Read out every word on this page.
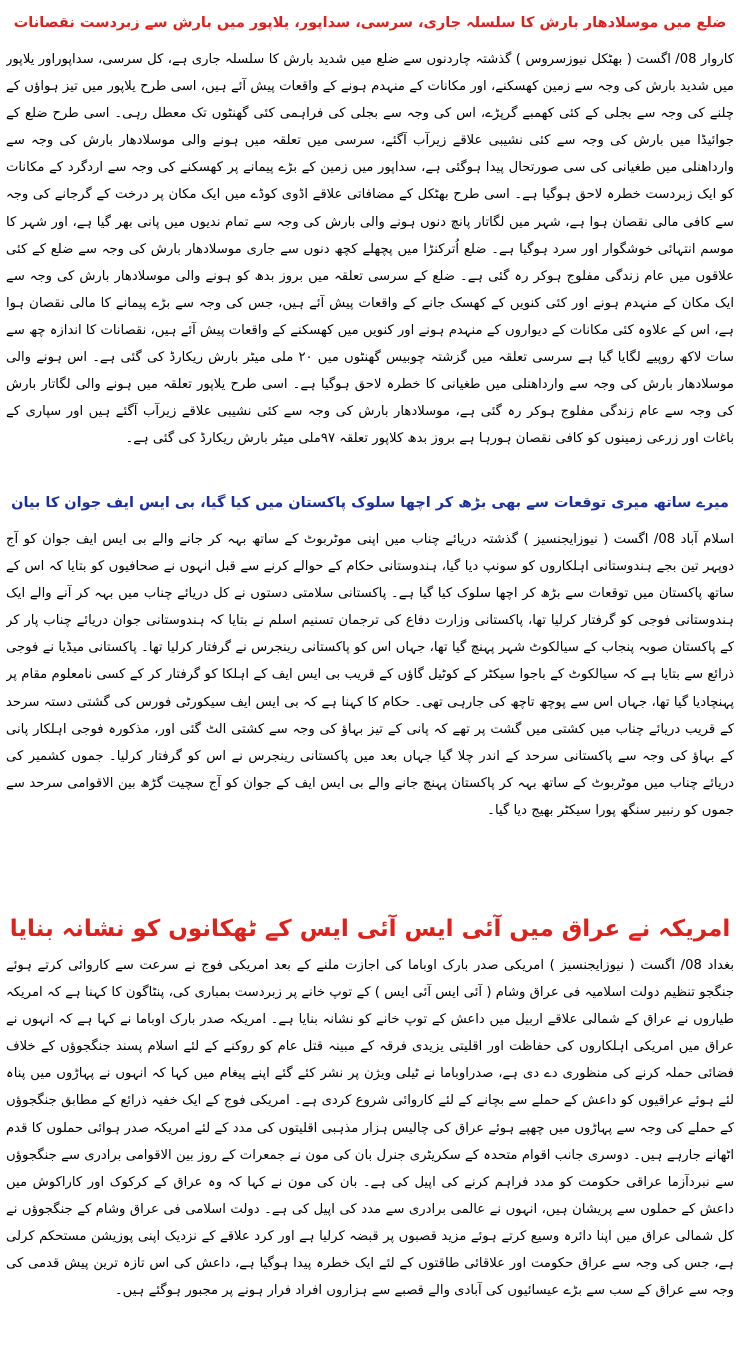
ضلع میں موسلادھار بارش کا سلسلہ جاری، سرسی، سداپور، یلاپور میں بارش سے زبردست نقصانات

کاروار 08/ اگست ( بھٹکل نیوزسروس ) گذشتہ چاردنوں سے ضلع میں شدید بارش کا سلسلہ جاری ہے، کل سرسی، سداپوراور یلاپور میں شدید بارش کی وجہ سے زمین کھسکنے، اور مکانات کے منہدم ہونے کے واقعات پیش آئے ہیں، اسی طرح یلاپور میں تیز ہواؤں کے چلنے کی وجہ سے بجلی کے کئی کھمبے گرپڑے، اس کی وجہ سے بجلی کی فراہمی کئی گھنٹوں تک معطل رہی۔ اسی طرح ضلع کے جوائیڈا میں بارش کی وجہ سے کئی نشیبی علاقے زیرآب آگئے، سرسی میں تعلقہ میں ہونے والی موسلادھار بارش کی وجہ سے وارداھنلی میں طغیانی کی سی صورتحال پیدا ہوگئی ہے، سداپور میں زمین کے بڑے پیمانے پر کھسکنے کی وجہ سے اردگرد کے مکانات کو ایک زبردست خطرہ لاحق ہوگیا ہے۔ اسی طرح بھٹکل کے مضافاتی علاقے اڈوی کوڈے میں ایک مکان پر درخت کے گرجانے کی وجہ سے کافی مالی نقصان ہوا ہے، شہر میں لگاتار پانچ دنوں ہونے والی بارش کی وجہ سے تمام ندیوں میں پانی بھر گیا ہے، اور شہر کا موسم انتہائی خوشگوار اور سرد ہوگیا ہے۔ ضلع اُترکنڑا میں پچھلے کچھ دنوں سے جاری موسلادھار بارش کی وجہ سے ضلع کے کئی علاقوں میں عام زندگی مفلوج ہوکر رہ گئی ہے۔ ضلع کے سرسی تعلقہ میں بروز بدھ کو ہونے والی موسلادھار بارش کی وجہ سے ایک مکان کے منہدم ہونے اور کئی کنویں کے کھسک جانے کے واقعات پیش آئے ہیں، جس کی وجہ سے بڑے پیمانے کا مالی نقصان ہوا ہے، اس کے علاوہ کئی مکانات کے دیواروں کے منہدم ہونے اور کنویں میں کھسکنے کے واقعات پیش آئے ہیں، نقصانات کا اندازہ چھ سے سات لاکھ روپیے لگایا گیا ہے سرسی تعلقہ میں گزشتہ چوبیس گھنٹوں میں ۲۰ ملی میٹر بارش ریکارڈ کی گئی ہے۔ اس ہونے والی موسلادھار بارش کی وجہ سے وارداھنلی میں طغیانی کا خطرہ لاحق ہوگیا ہے۔ اسی طرح یلاپور تعلقہ میں ہونے والی لگاتار بارش کی وجہ سے عام زندگی مفلوج ہوکر رہ گئی ہے، موسلادھار بارش کی وجہ سے کئی نشیبی علاقے زیرآب آگئے ہیں اور سپاری کے باغات اور زرعی زمینوں کو کافی نقصان ہورہا ہے بروز بدھ کلاپور تعلقہ ۹۷ملی میٹر بارش ریکارڈ کی گئی ہے۔

میرے ساتھ میری توقعات سے بھی بڑھ کر اچھا سلوک پاکستان میں کیا گیا، بی ایس ایف جوان کا بیان

اسلام آباد 08/ اگست ( نیوزایجنسیز ) گذشتہ دریائے چناب میں اپنی موٹربوٹ کے ساتھ بہہ کر جانے والے بی ایس ایف جوان کو آج دوپہر تین بجے ہندوستانی اہلکاروں کو سونپ دیا گیا، ہندوستانی حکام کے حوالے کرنے سے قبل انہوں نے صحافیوں کو بتایا کہ اس کے ساتھ پاکستان میں توقعات سے بڑھ کر اچھا سلوک کیا گیا ہے۔ پاکستانی سلامتی دستوں نے کل دریائے چناب میں بہہ کر آنے والے ایک ہندوستانی فوجی کو گرفتار کرلیا تھا، پاکستانی وزارت دفاع کی ترجمان تسنیم اسلم نے بتایا کہ ہندوستانی جوان دریائے چناب پار کر کے پاکستان صوبہ پنجاب کے سیالکوٹ شہر پہنچ گیا تھا، جہاں اس کو پاکستانی رینجرس نے گرفتار کرلیا تھا۔ پاکستانی میڈیا نے فوجی ذرائع سے بتایا ہے کہ سیالکوٹ کے باجوا سیکٹر کے کوٹیل گاؤں کے قریب بی ایس ایف کے اہلکا کو گرفتار کر کے کسی نامعلوم مقام پر پہنچادیا گیا تھا، جہاں اس سے پوچھ تاچھ کی جارہی تھی۔ حکام کا کہنا ہے کہ بی ایس ایف سیکورٹی فورس کی گشتی دستہ سرحد کے قریب دریائے چناب میں کشتی میں گشت پر تھے کہ پانی کے تیز بہاؤ کی وجہ سے کشتی الٹ گئی اور، مذکورہ فوجی اہلکار پانی کے بہاؤ کی وجہ سے پاکستانی سرحد کے اندر چلا گیا جہاں بعد میں پاکستانی رینجرس نے اس کو گرفتار کرلیا۔ جموں کشمیر کی دریائے چناب میں موٹربوٹ کے ساتھ بہہ کر پاکستان پہنچ جانے والے بی ایس ایف کے جوان کو آج سچیت گڑھ بین الاقوامی سرحد سے جموں کو رنبیر سنگھ پورا سیکٹر بھیج دیا گیا۔

امریکہ نے عراق میں آئی ایس آئی ایس کے ٹھکانوں کو نشانہ بنایا

بغداد 08/ اگست ( نیوزایجنسیز ) امریکی صدر بارک اوباما کی اجازت ملنے کے بعد امریکی فوج نے سرعت سے کاروائی کرتے ہوئے جنگجو تنظیم دولت اسلامیہ فی عراق وشام ( آئی ایس آئی ایس ) کے توپ خانے پر زبردست بمباری کی، پنٹاگون کا کہنا ہے کہ امریکہ طیاروں نے عراق کے شمالی علاقے اربیل میں داعش کے توپ خانے کو نشانہ بنایا ہے۔ امریکہ صدر بارک اوباما نے کہا ہے کہ انہوں نے عراق میں امریکی اہلکاروں کی حفاظت اور اقلیتی یزیدی فرقہ کے مبینہ قتل عام کو روکنے کے لئے اسلام پسند جنگجوؤں کے خلاف فضائی حملہ کرنے کی منظوری دے دی ہے، صدراوباما نے ٹیلی ویژن پر نشر کئے گئے اپنے پیغام میں کہا کہ انہوں نے پہاڑوں میں پناہ لئے ہوئے عراقیوں کو داعش کے حملے سے بچانے کے لئے کاروائی شروع کردی ہے۔ امریکی فوج کے ایک خفیہ ذرائع کے مطابق جنگجوؤں کے حملے کی وجہ سے پہاڑوں میں چھپے ہوئے عراق کی چالیس ہزار مذہبی اقلیتوں کی مدد کے لئے امریکہ صدر ہوائی حملوں کا قدم اٹھانے جارہے ہیں۔ دوسری جانب اقوام متحدہ کے سکریٹری جنرل بان کی مون نے جمعرات کے روز بین الاقوامی برادری سے جنگجوؤں سے نبردآزما عراقی حکومت کو مدد فراہم کرنے کی اپیل کی ہے۔ بان کی مون نے کہا کہ وہ عراق کے کرکوک اور کاراکوش میں داعش کے حملوں سے پریشان ہیں، انہوں نے عالمی برادری سے مدد کی اپیل کی ہے۔ دولت اسلامی فی عراق وشام کے جنگجوؤں نے کل شمالی عراق میں اپنا دائرہ وسیع کرتے ہوئے مزید قصبوں پر قبضہ کرلیا ہے اور کرد علاقے کے نزدیک اپنی پوزیشن مستحکم کرلی ہے، جس کی وجہ سے عراق حکومت اور علاقائی طاقتوں کے لئے ایک خطرہ پیدا ہوگیا ہے، داعش کی اس تازہ ترین پیش قدمی کی وجہ سے عراق کے سب سے بڑے عیسائیوں کی آبادی والے قصبے سے ہزاروں افراد فرار ہونے پر مجبور ہوگئے ہیں۔
